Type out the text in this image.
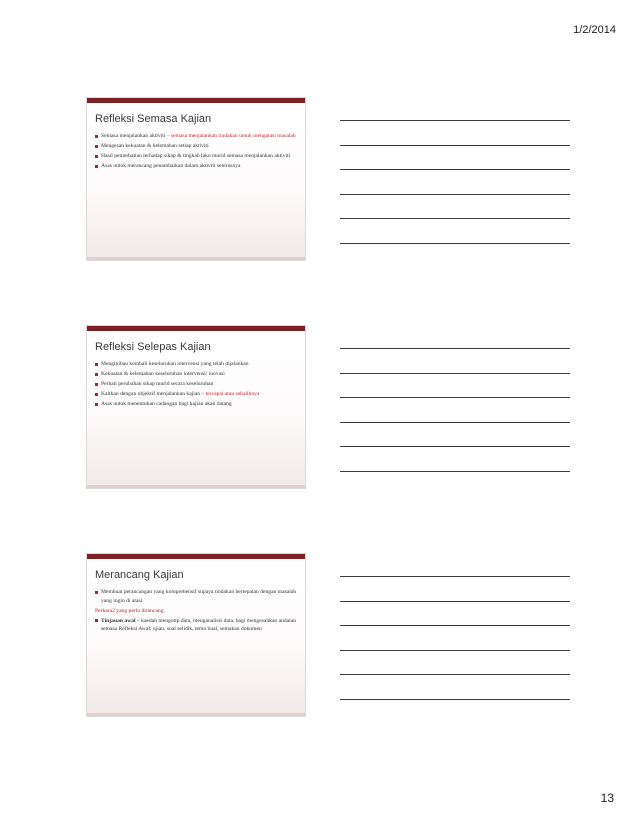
1/2/2014
Refleksi Semasa Kajian
Semasa menjalankan aktiviti – semasa menjalankan tindakan untuk mengatasi masalah
Mengesan kekuatan & kelemahan setiap aktiviti
Hasil pemerhatian terhadap sikap & tingkah laku murid semasa menjalankan aktiviti
Asas untuk merancang penambaikan dalam aktiviti seterusnya
Refleksi Selepas Kajian
Menginibau kembali keseluruhan intervensi yang telah dijalankan
Kekuatan & kelemahan keseluruhan intervensi/ inovasi
Perhati perubahan sikap murid secara keseluruhan
Kaitkan dengan objektif menjalankan kajian – tercapai atau sebaliknya
Asas untuk menentukan cadangan bagi kajian akan datang
Merancang Kajian
Membuat perancangan yang komprehensif supaya tindakan bertepatan dengan masalah yang ingin di atasi
Perkara2 yang perlu dirancang:
Tinjauan awal – kaedah mengutip data, menganalisis data, bagi mengesahkan andaian semasa Refleksi Awal: ujian, soal selidik, temu bual, semakan dokumen
13
